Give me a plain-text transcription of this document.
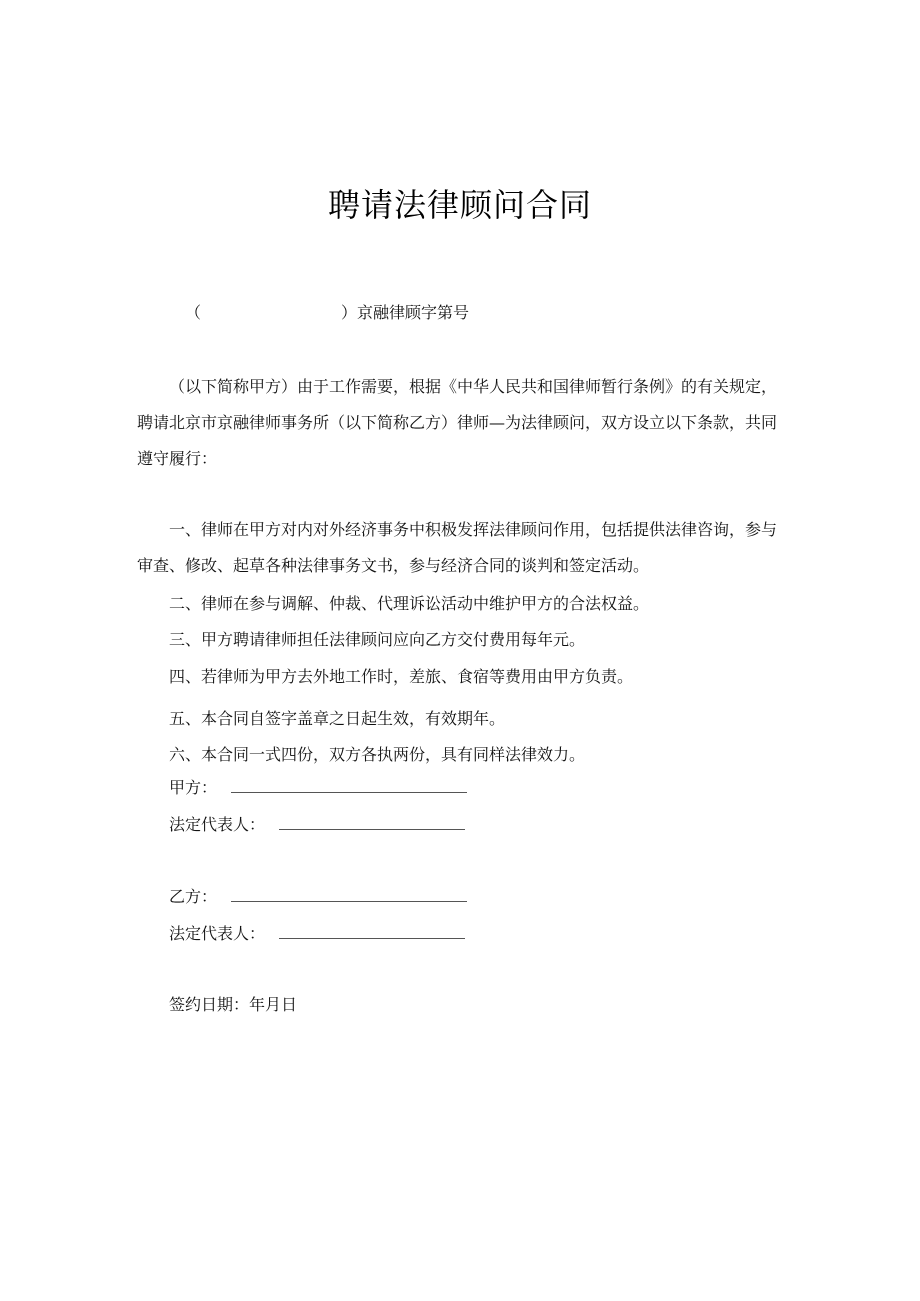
聘请法律顾问合同
（	）京融律顾字第号
（以下简称甲方）由于工作需要，根据《中华人民共和国律师暂行条例》的有关规定，聘请北京市京融律师事务所（以下简称乙方）律师—为法律顾问，双方设立以下条款，共同遵守履行：
一、律师在甲方对内对外经济事务中积极发挥法律顾问作用，包括提供法律咨询，参与审查、修改、起草各种法律事务文书，参与经济合同的谈判和签定活动。
二、律师在参与调解、仲裁、代理诉讼活动中维护甲方的合法权益。
三、甲方聘请律师担任法律顾问应向乙方交付费用每年元。
四、若律师为甲方去外地工作时，差旅、食宿等费用由甲方负责。
五、本合同自签字盖章之日起生效，有效期年。
六、本合同一式四份，双方各执两份，具有同样法律效力。
甲方：
法定代表人：
乙方：
法定代表人：
签约日期：年月日
